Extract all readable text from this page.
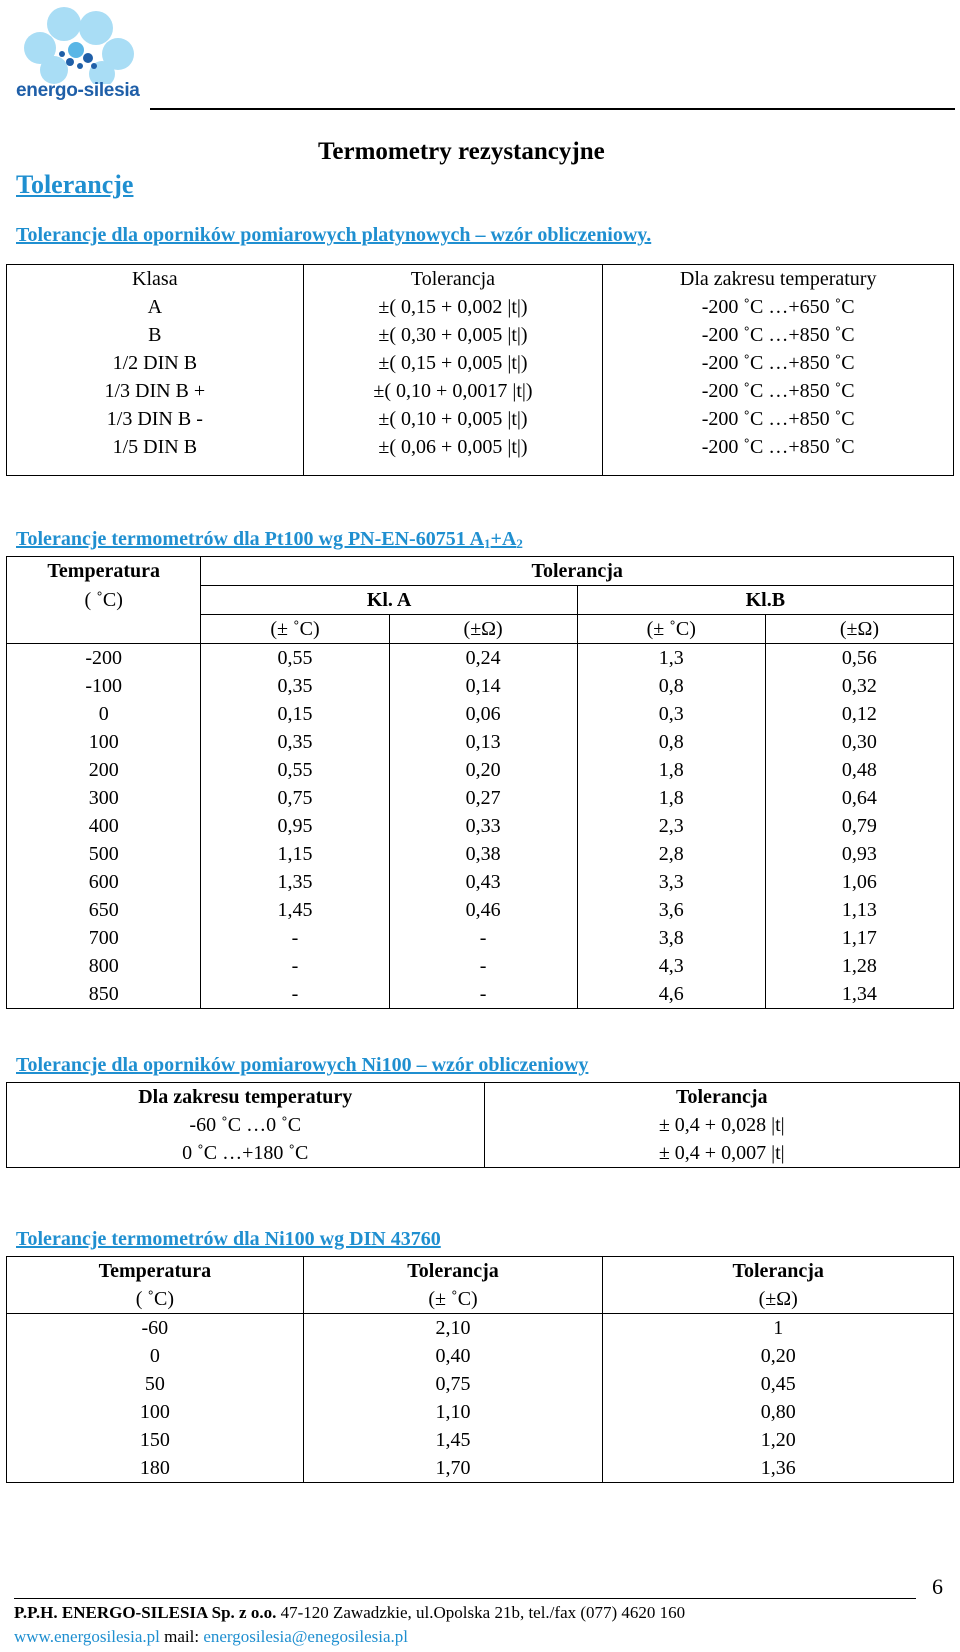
energo-silesia
Termometry rezystancyjne
Tolerancje
Tolerancje dla oporników pomiarowych platynowych – wzór obliczeniowy.
Klasa	Tolerancja	Dla zakresu temperatury
A	±( 0,15 + 0,002 |t|)	-200 ˚C …+650 ˚C
B	±( 0,30 + 0,005 |t|)	-200 ˚C …+850 ˚C
1/2 DIN B	±( 0,15 + 0,005 |t|)	-200 ˚C …+850 ˚C
1/3 DIN B +	±( 0,10 + 0,0017 |t|)	-200 ˚C …+850 ˚C
1/3 DIN B -	±( 0,10 + 0,005 |t|)	-200 ˚C …+850 ˚C
1/5 DIN B	±( 0,06 + 0,005 |t|)	-200 ˚C …+850 ˚C
Tolerancje termometrów dla Pt100 wg PN-EN-60751 $A_1+A_2$
Temperatura	Tolerancja			
( ˚C)	Kl. A		Kl.B	
	(± ˚C)	(±Ω)	(± ˚C)	(±Ω)
-200	0,55	0,24	1,3	0,56
-100	0,35	0,14	0,8	0,32
0	0,15	0,06	0,3	0,12
100	0,35	0,13	0,8	0,30
200	0,55	0,20	1,8	0,48
300	0,75	0,27	1,8	0,64
400	0,95	0,33	2,3	0,79
500	1,15	0,38	2,8	0,93
600	1,35	0,43	3,3	1,06
650	1,45	0,46	3,6	1,13
700	-	-	3,8	1,17
800	-	-	4,3	1,28
850	-	-	4,6	1,34
Tolerancje dla oporników pomiarowych Ni100 – wzór obliczeniowy
Dla zakresu temperatury	Tolerancja
-60 ˚C …0 ˚C	± 0,4 + 0,028 |t|
0 ˚C …+180 ˚C	± 0,4 + 0,007 |t|
Tolerancje termometrów dla Ni100 wg DIN 43760
Temperatura	Tolerancja	Tolerancja
( ˚C)	(± ˚C)	(±Ω)
-60	2,10	1
0	0,40	0,20
50	0,75	0,45
100	1,10	0,80
150	1,45	1,20
180	1,70	1,36
6
P.P.H. ENERGO-SILESIA Sp. z o.o. 47-120 Zawadzkie, ul.Opolska 21b, tel./fax (077) 4620 160
www.energosilesia.pl mail: energosilesia@enegosilesia.pl
